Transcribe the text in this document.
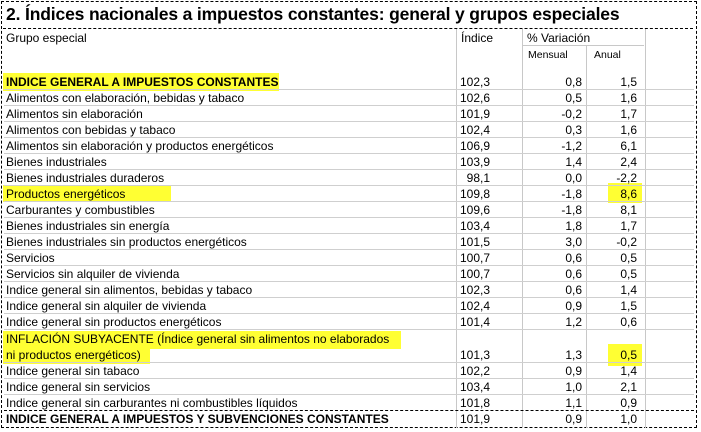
2. Índices nacionales a impuestos constantes: general y grupos especiales
Grupo especial	Índice	% Variación
Mensual	Anual
INDICE GENERAL A IMPUESTOS CONSTANTES	102,3	0,8	1,5
Alimentos con elaboración, bebidas y tabaco	102,6	0,5	1,6
Alimentos sin elaboración	101,9	-0,2	1,7
Alimentos con bebidas y tabaco	102,4	0,3	1,6
Alimentos sin elaboración y productos energéticos	106,9	-1,2	6,1
Bienes industriales	103,9	1,4	2,4
Bienes industriales duraderos	98,1	0,0	-2,2
Productos energéticos	109,8	-1,8	8,6
Carburantes y combustibles	109,6	-1,8	8,1
Bienes industriales sin energía	103,4	1,8	1,7
Bienes industriales sin productos energéticos	101,5	3,0	-0,2
Servicios	100,7	0,6	0,5
Servicios sin alquiler de vivienda	100,7	0,6	0,5
Indice general sin alimentos, bebidas y tabaco	102,3	0,6	1,4
Indice general sin alquiler de vivienda	102,4	0,9	1,5
Indice general sin productos energéticos	101,4	1,2	0,6
INFLACIÓN SUBYACENTE (Índice general sin alimentos no elaborados
ni productos energéticos)	101,3	1,3	0,5
Indice general sin tabaco	102,2	0,9	1,4
Indice general sin servicios	103,4	1,0	2,1
Indice general sin carburantes ni combustibles líquidos	101,8	1,1	0,9
INDICE GENERAL A IMPUESTOS Y SUBVENCIONES CONSTANTES	101,9	0,9	1,0
